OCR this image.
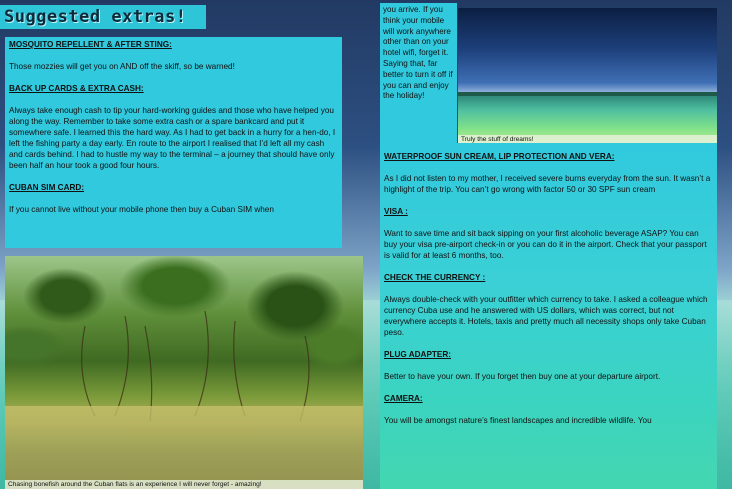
Suggested extras!

MOSQUITO REPELLENT & AFTER STING:

Those mozzies will get you on AND off the skiff, so be warned!

BACK UP CARDS & EXTRA CASH:

Always take enough cash to tip your hard-working guides and those who have helped you along the way. Remember to take some extra cash or a spare bankcard and put it somewhere safe. I learned this the hard way. As I had to get back in a hurry for a hen-do, I left the fishing party a day early. En route to the airport I realised that I’d left all my cash and cards behind. I had to hustle my way to the terminal – a journey that should have only been half an hour took a good four hours.

CUBAN SIM CARD:

If you cannot live without your mobile phone then buy a Cuban SIM when

you arrive. If you think your mobile will work anywhere other than on your hotel wifi, forget it. Saying that, far better to turn it off if you can and enjoy the holiday!

Truly the stuff of dreams!

WATERPROOF SUN CREAM, LIP PROTECTION AND VERA:

As I did not listen to my mother, I received severe burns everyday from the sun. It wasn’t a highlight of the trip. You can’t go wrong with factor 50 or 30 SPF sun cream

VISA :

Want to save time and sit back sipping on your first alcoholic beverage ASAP? You can buy your visa pre-airport check-in or you can do it in the airport. Check that your passport is valid for at least 6 months, too.

CHECK THE CURRENCY :

Always double-check with your outfitter which currency to take. I asked a colleague which currency Cuba use and he answered with US dollars, which was correct, but not everywhere accepts it. Hotels, taxis and pretty much all necessity shops only take Cuban peso.

PLUG ADAPTER:

Better to have your own. If you forget then buy one at your departure airport.

CAMERA:

You will be amongst nature’s finest landscapes and incredible wildlife. You

Chasing bonefish around the Cuban flats is an experience I will never forget - amazing!
